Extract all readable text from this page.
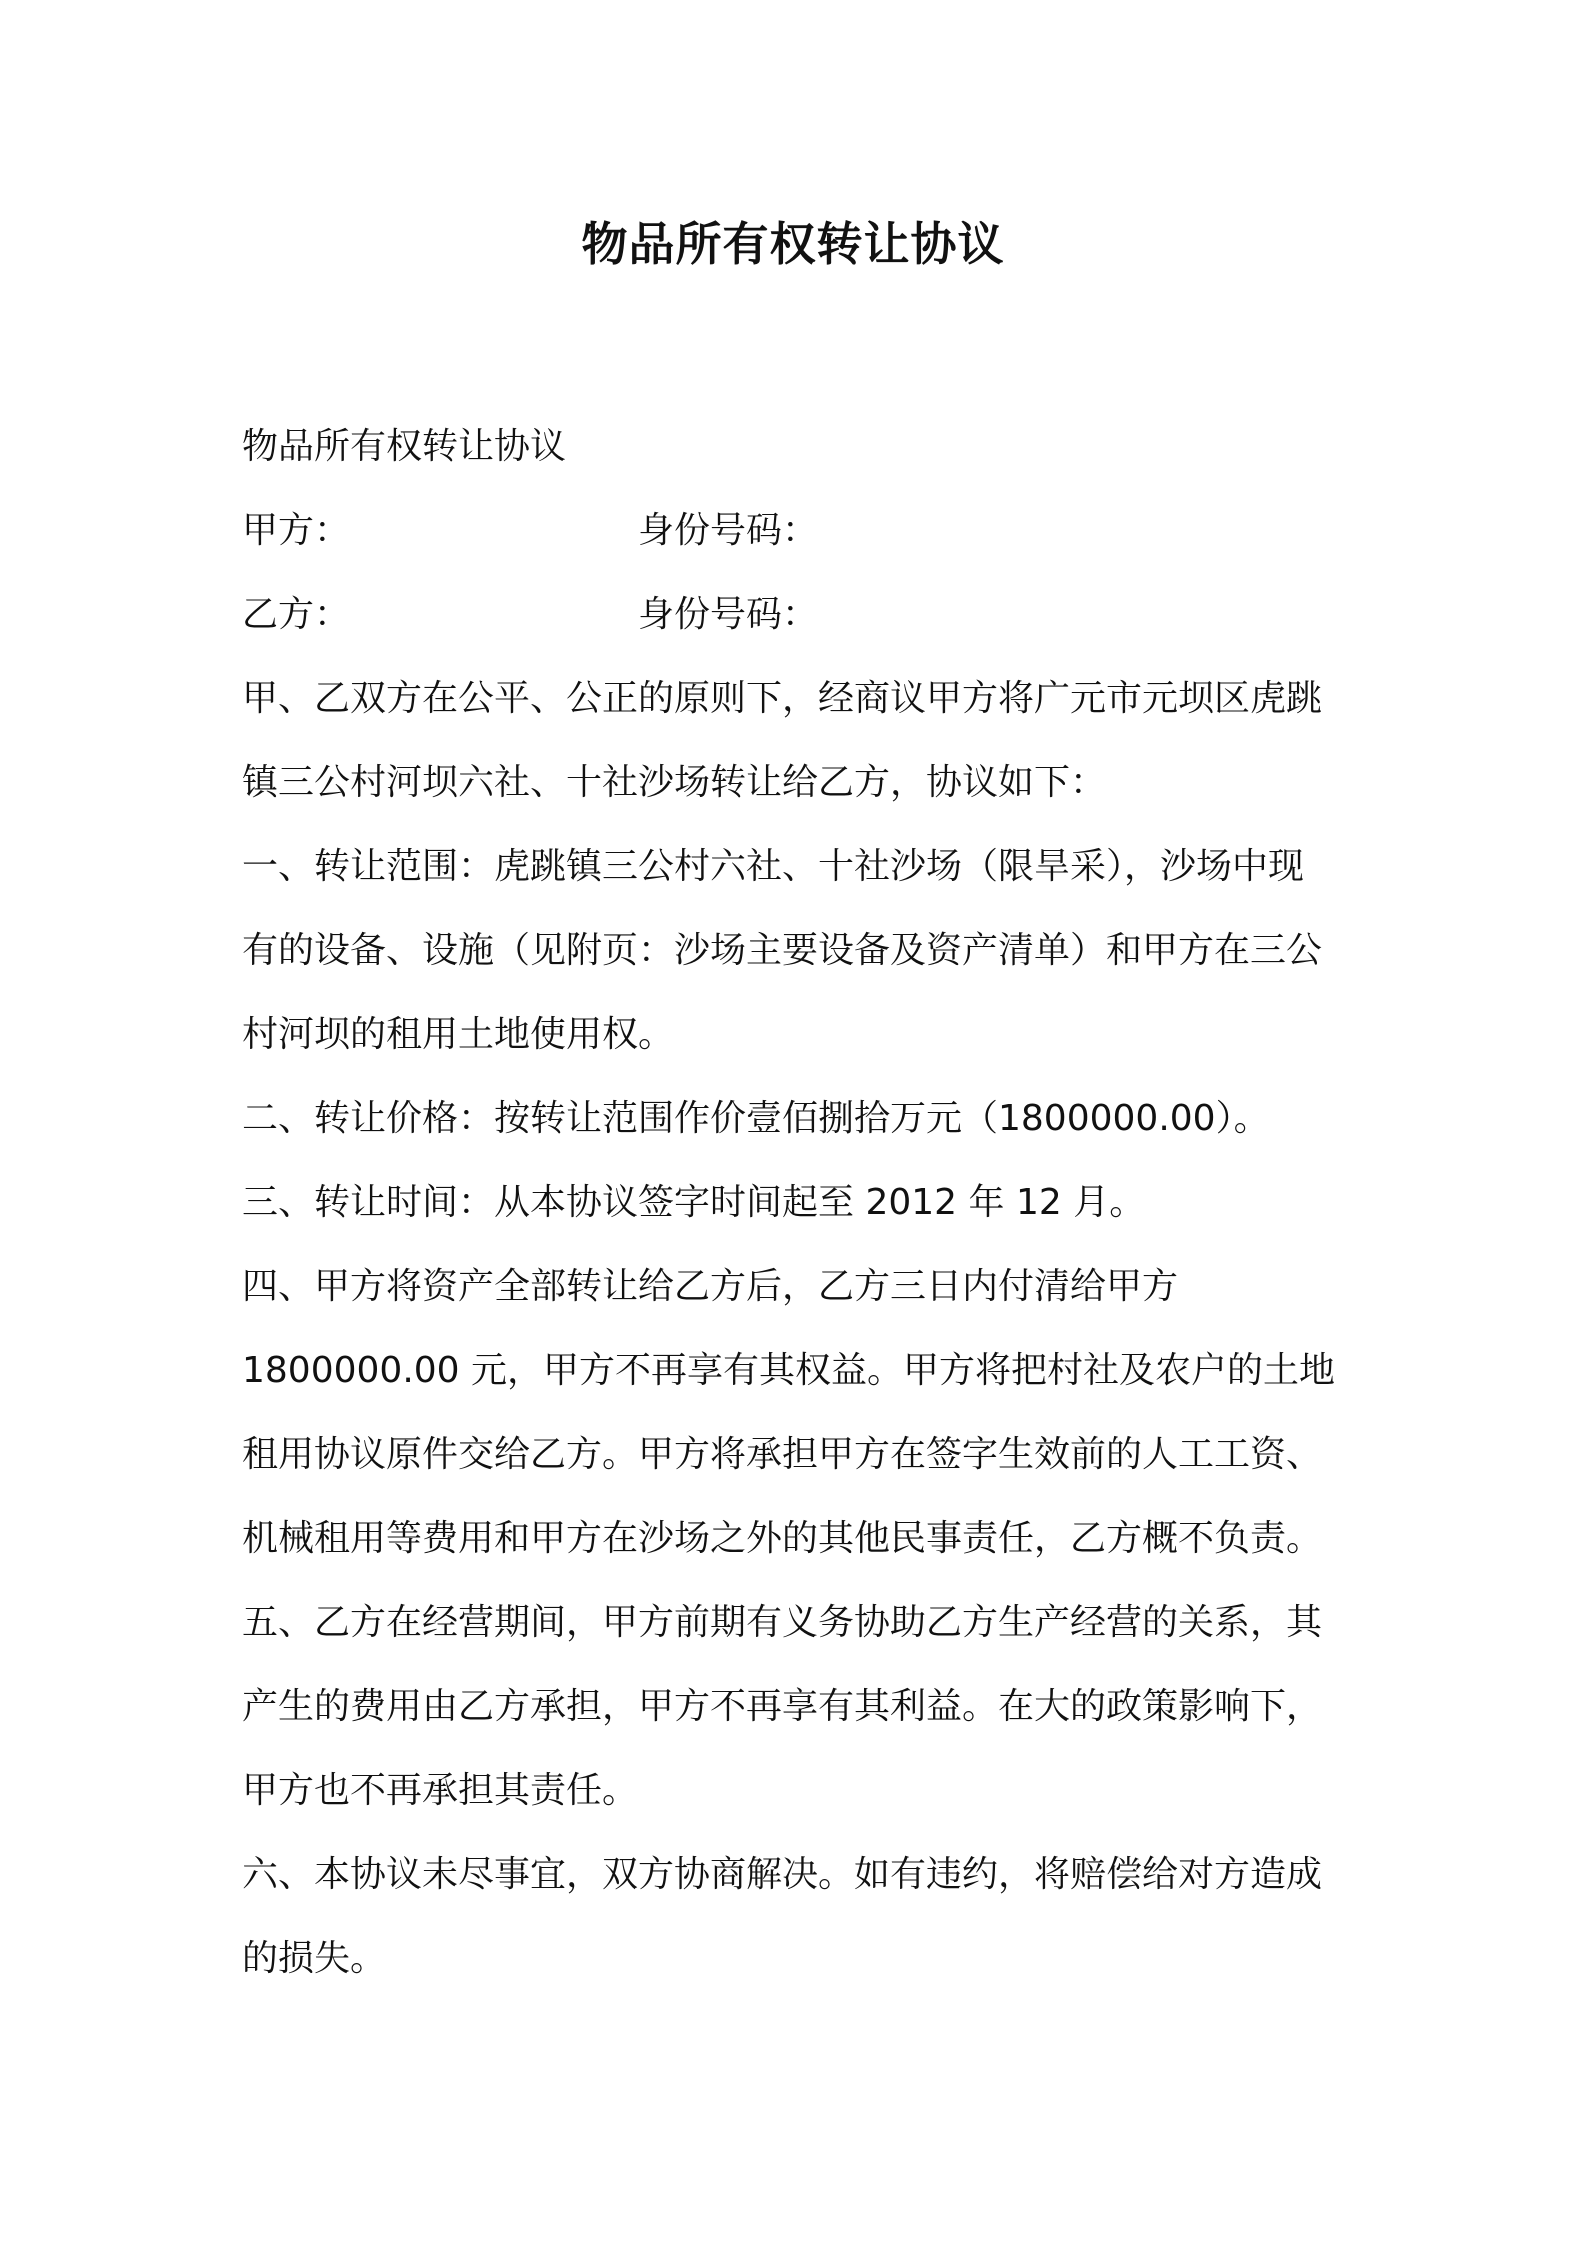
物品所有权转让协议
物品所有权转让协议
甲方：	身份号码：
乙方：	身份号码：
甲、乙双方在公平、公正的原则下，经商议甲方将广元市元坝区虎跳
镇三公村河坝六社、十社沙场转让给乙方，协议如下：
一、转让范围：虎跳镇三公村六社、十社沙场（限旱采），沙场中现
有的设备、设施（见附页：沙场主要设备及资产清单）和甲方在三公
村河坝的租用土地使用权。
二、转让价格：按转让范围作价壹佰捌拾万元（1800000.00）。
三、转让时间：从本协议签字时间起至 2012 年 12 月。
四、甲方将资产全部转让给乙方后，乙方三日内付清给甲方
1800000.00 元，甲方不再享有其权益。甲方将把村社及农户的土地
租用协议原件交给乙方。甲方将承担甲方在签字生效前的人工工资、
机械租用等费用和甲方在沙场之外的其他民事责任，乙方概不负责。
五、乙方在经营期间，甲方前期有义务协助乙方生产经营的关系，其
产生的费用由乙方承担，甲方不再享有其利益。在大的政策影响下，
甲方也不再承担其责任。
六、本协议未尽事宜，双方协商解决。如有违约，将赔偿给对方造成
的损失。
